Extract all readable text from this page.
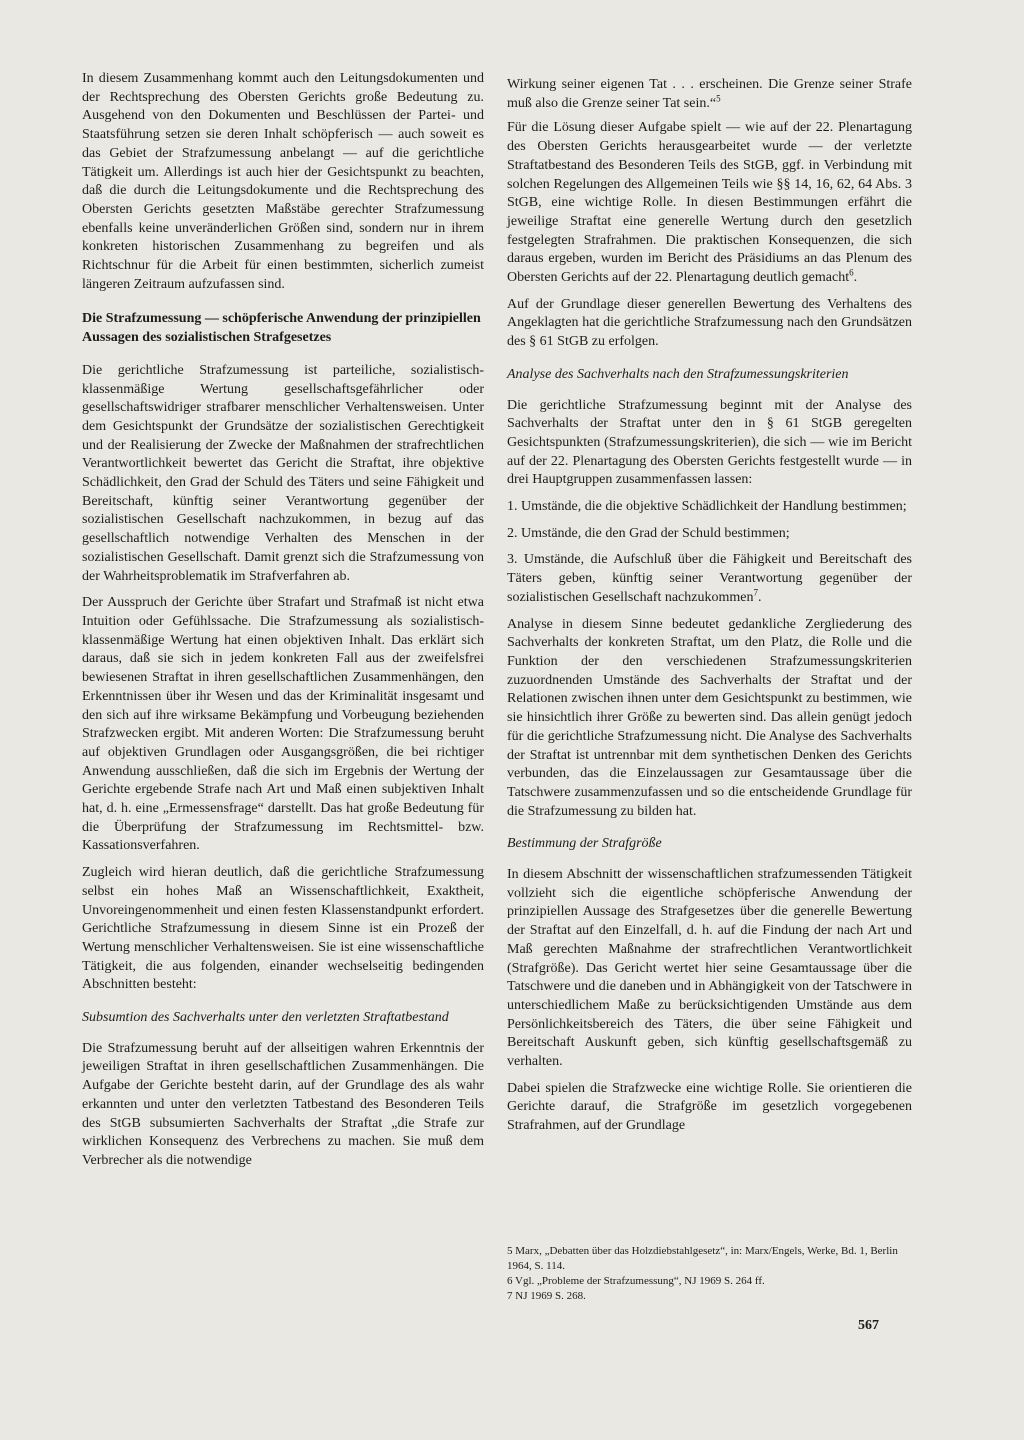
In diesem Zusammenhang kommt auch den Leitungsdokumenten und der Rechtsprechung des Obersten Gerichts große Bedeutung zu. Ausgehend von den Dokumenten und Beschlüssen der Partei- und Staatsführung setzen sie deren Inhalt schöpferisch — auch soweit es das Gebiet der Strafzumessung anbelangt — auf die gerichtliche Tätigkeit um. Allerdings ist auch hier der Gesichtspunkt zu beachten, daß die durch die Leitungsdokumente und die Rechtsprechung des Obersten Gerichts gesetzten Maßstäbe gerechter Strafzumessung ebenfalls keine unveränderlichen Größen sind, sondern nur in ihrem konkreten historischen Zusammenhang zu begreifen und als Richtschnur für die Arbeit für einen bestimmten, sicherlich zumeist längeren Zeitraum aufzufassen sind.

Die Strafzumessung — schöpferische Anwendung der prinzipiellen Aussagen des sozialistischen Strafgesetzes

Die gerichtliche Strafzumessung ist parteiliche, sozialistisch-klassenmäßige Wertung gesellschaftsgefährlicher oder gesellschaftswidriger strafbarer menschlicher Verhaltensweisen. Unter dem Gesichtspunkt der Grundsätze der sozialistischen Gerechtigkeit und der Realisierung der Zwecke der Maßnahmen der strafrechtlichen Verantwortlichkeit bewertet das Gericht die Straftat, ihre objektive Schädlichkeit, den Grad der Schuld des Täters und seine Fähigkeit und Bereitschaft, künftig seiner Verantwortung gegenüber der sozialistischen Gesellschaft nachzukommen, in bezug auf das gesellschaftlich notwendige Verhalten des Menschen in der sozialistischen Gesellschaft. Damit grenzt sich die Strafzumessung von der Wahrheitsproblematik im Strafverfahren ab.

Der Ausspruch der Gerichte über Strafart und Strafmaß ist nicht etwa Intuition oder Gefühlssache. Die Strafzumessung als sozialistisch-klassenmäßige Wertung hat einen objektiven Inhalt. Das erklärt sich daraus, daß sie sich in jedem konkreten Fall aus der zweifelsfrei bewiesenen Straftat in ihren gesellschaftlichen Zusammenhängen, den Erkenntnissen über ihr Wesen und das der Kriminalität insgesamt und den sich auf ihre wirksame Bekämpfung und Vorbeugung beziehenden Strafzwecken ergibt. Mit anderen Worten: Die Strafzumessung beruht auf objektiven Grundlagen oder Ausgangsgrößen, die bei richtiger Anwendung ausschließen, daß die sich im Ergebnis der Wertung der Gerichte ergebende Strafe nach Art und Maß einen subjektiven Inhalt hat, d. h. eine „Ermessensfrage“ darstellt. Das hat große Bedeutung für die Überprüfung der Strafzumessung im Rechtsmittel- bzw. Kassationsverfahren.

Zugleich wird hieran deutlich, daß die gerichtliche Strafzumessung selbst ein hohes Maß an Wissenschaftlichkeit, Exaktheit, Unvoreingenommenheit und einen festen Klassenstandpunkt erfordert. Gerichtliche Strafzumessung in diesem Sinne ist ein Prozeß der Wertung menschlicher Verhaltensweisen. Sie ist eine wissenschaftliche Tätigkeit, die aus folgenden, einander wechselseitig bedingenden Abschnitten besteht:

Subsumtion des Sachverhalts unter den verletzten Straftatbestand

Die Strafzumessung beruht auf der allseitigen wahren Erkenntnis der jeweiligen Straftat in ihren gesellschaftlichen Zusammenhängen. Die Aufgabe der Gerichte besteht darin, auf der Grundlage des als wahr erkannten und unter den verletzten Tatbestand des Besonderen Teils des StGB subsumierten Sachverhalts der Straftat „die Strafe zur wirklichen Konsequenz des Verbrechens zu machen. Sie muß dem Verbrecher als die notwendige

Wirkung seiner eigenen Tat . . . erscheinen. Die Grenze seiner Strafe muß also die Grenze seiner Tat sein.“$^5$

Für die Lösung dieser Aufgabe spielt — wie auf der 22. Plenartagung des Obersten Gerichts herausgearbeitet wurde — der verletzte Straftatbestand des Besonderen Teils des StGB, ggf. in Verbindung mit solchen Regelungen des Allgemeinen Teils wie §§ 14, 16, 62, 64 Abs. 3 StGB, eine wichtige Rolle. In diesen Bestimmungen erfährt die jeweilige Straftat eine generelle Wertung durch den gesetzlich festgelegten Strafrahmen. Die praktischen Konsequenzen, die sich daraus ergeben, wurden im Bericht des Präsidiums an das Plenum des Obersten Gerichts auf der 22. Plenartagung deutlich gemacht$^6$.

Auf der Grundlage dieser generellen Bewertung des Verhaltens des Angeklagten hat die gerichtliche Strafzumessung nach den Grundsätzen des § 61 StGB zu erfolgen.

Analyse des Sachverhalts nach den Strafzumessungskriterien

Die gerichtliche Strafzumessung beginnt mit der Analyse des Sachverhalts der Straftat unter den in § 61 StGB geregelten Gesichtspunkten (Strafzumessungskriterien), die sich — wie im Bericht auf der 22. Plenartagung des Obersten Gerichts festgestellt wurde — in drei Hauptgruppen zusammenfassen lassen:

1. Umstände, die die objektive Schädlichkeit der Handlung bestimmen;

2. Umstände, die den Grad der Schuld bestimmen;

3. Umstände, die Aufschluß über die Fähigkeit und Bereitschaft des Täters geben, künftig seiner Verantwortung gegenüber der sozialistischen Gesellschaft nachzukommen$^7$.

Analyse in diesem Sinne bedeutet gedankliche Zergliederung des Sachverhalts der konkreten Straftat, um den Platz, die Rolle und die Funktion der den verschiedenen Strafzumessungskriterien zuzuordnenden Umstände des Sachverhalts der Straftat und der Relationen zwischen ihnen unter dem Gesichtspunkt zu bestimmen, wie sie hinsichtlich ihrer Größe zu bewerten sind. Das allein genügt jedoch für die gerichtliche Strafzumessung nicht. Die Analyse des Sachverhalts der Straftat ist untrennbar mit dem synthetischen Denken des Gerichts verbunden, das die Einzelaussagen zur Gesamtaussage über die Tatschwere zusammenzufassen und so die entscheidende Grundlage für die Strafzumessung zu bilden hat.

Bestimmung der Strafgröße

In diesem Abschnitt der wissenschaftlichen strafzumessenden Tätigkeit vollzieht sich die eigentliche schöpferische Anwendung der prinzipiellen Aussage des Strafgesetzes über die generelle Bewertung der Straftat auf den Einzelfall, d. h. auf die Findung der nach Art und Maß gerechten Maßnahme der strafrechtlichen Verantwortlichkeit (Strafgröße). Das Gericht wertet hier seine Gesamtaussage über die Tatschwere und die daneben und in Abhängigkeit von der Tatschwere in unterschiedlichem Maße zu berücksichtigenden Umstände aus dem Persönlichkeitsbereich des Täters, die über seine Fähigkeit und Bereitschaft Auskunft geben, sich künftig gesellschaftsgemäß zu verhalten.

Dabei spielen die Strafzwecke eine wichtige Rolle. Sie orientieren die Gerichte darauf, die Strafgröße im gesetzlich vorgegebenen Strafrahmen, auf der Grundlage

5 Marx, „Debatten über das Holzdiebstahlgesetz“, in: Marx/Engels, Werke, Bd. 1, Berlin 1964, S. 114.
6 Vgl. „Probleme der Strafzumessung“, NJ 1969 S. 264 ff.
7 NJ 1969 S. 268.
567
